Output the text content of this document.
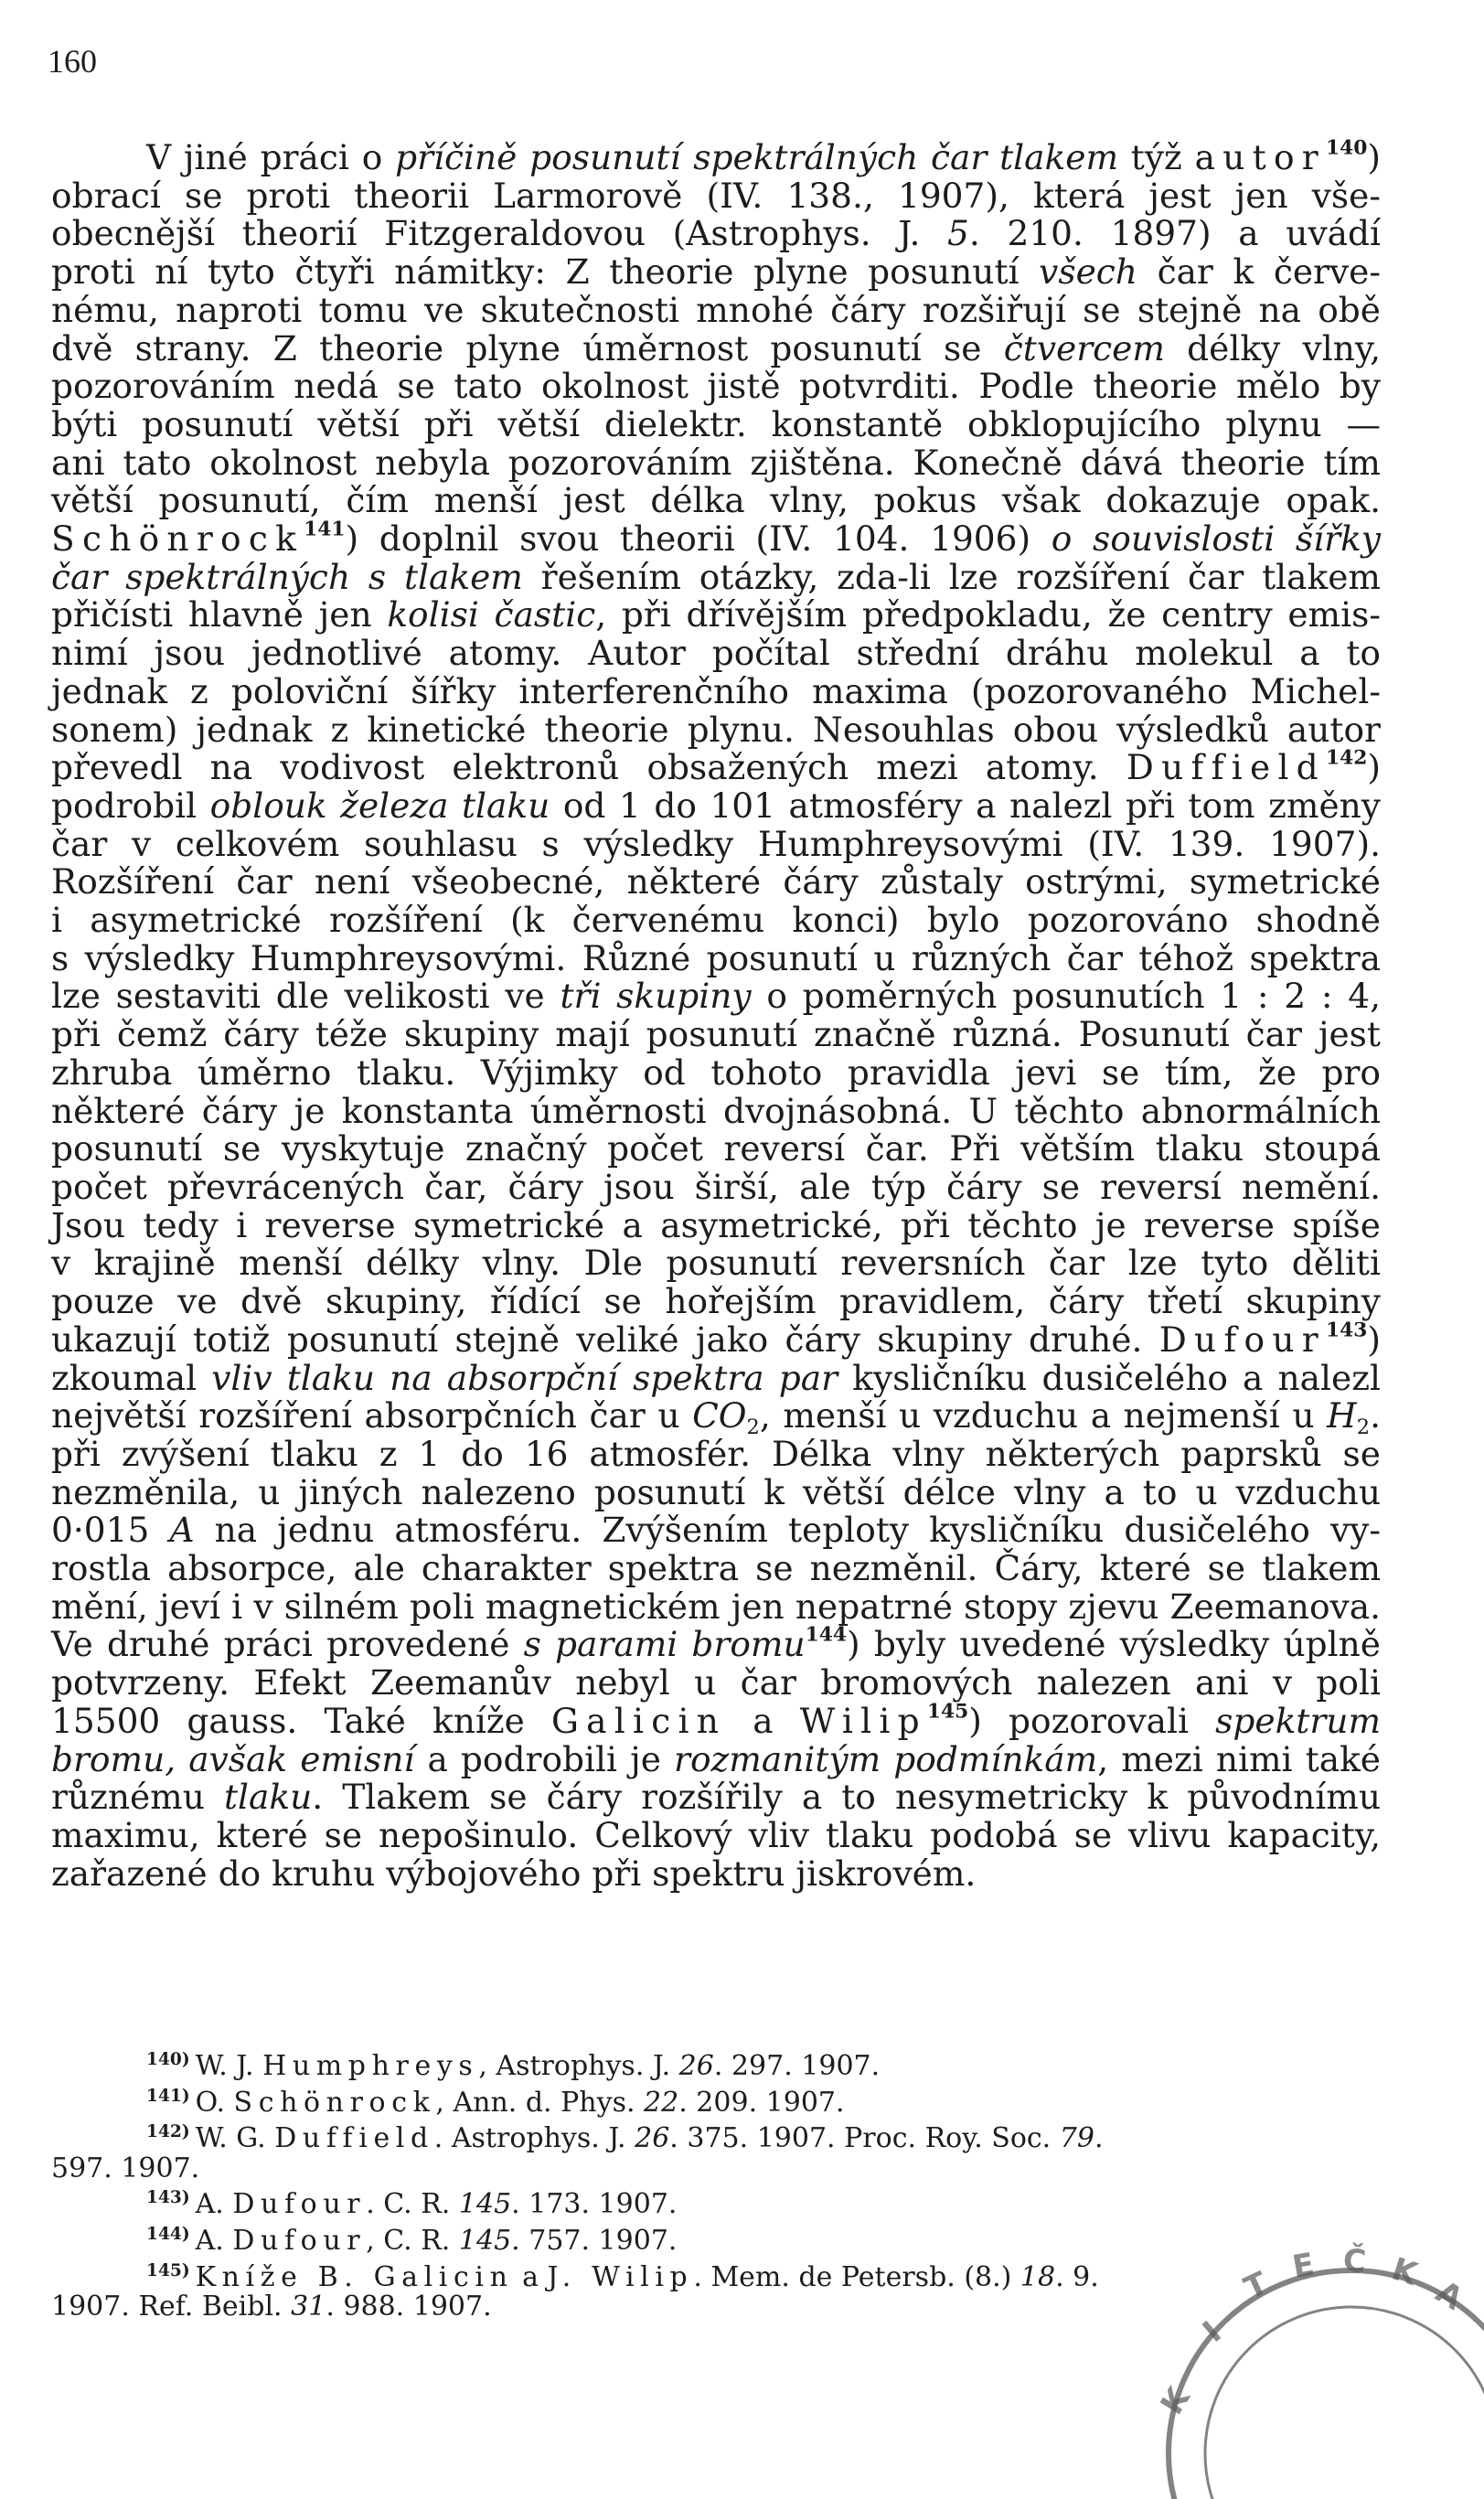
160
V jiné práci o příčině posunutí spektrálných čar tlakem týž autor$^{140}$)
obrací se proti theorii Larmorově (IV. 138., 1907), která jest jen vše-
obecnější theorií Fitzgeraldovou (Astrophys. J. 5. 210. 1897) a uvádí
proti ní tyto čtyři námitky: Z theorie plyne posunutí všech čar k červe-
nému, naproti tomu ve skutečnosti mnohé čáry rozšiřují se stejně na obě
dvě strany. Z theorie plyne úměrnost posunutí se čtvercem délky vlny,
pozorováním nedá se tato okolnost jistě potvrditi. Podle theorie mělo by
býti posunutí větší při větší dielektr. konstantě obklopujícího plynu —
ani tato okolnost nebyla pozorováním zjištěna. Konečně dává theorie tím
větší posunutí, čím menší jest délka vlny, pokus však dokazuje opak.
Schönrock$^{141}$) doplnil svou theorii (IV. 104. 1906) o souvislosti šířky
čar spektrálných s tlakem řešením otázky, zda-li lze rozšíření čar tlakem
přičísti hlavně jen kolisi častic, při dřívějším předpokladu, že centry emis-
nimí jsou jednotlivé atomy. Autor počítal střední dráhu molekul a to
jednak z poloviční šířky interferenčního maxima (pozorovaného Michel-
sonem) jednak z kinetické theorie plynu. Nesouhlas obou výsledků autor
převedl na vodivost elektronů obsažených mezi atomy. Duffield$^{142}$)
podrobil oblouk železa tlaku od 1 do 101 atmosféry a nalezl při tom změny
čar v celkovém souhlasu s výsledky Humphreysovými (IV. 139. 1907).
Rozšíření čar není všeobecné, některé čáry zůstaly ostrými, symetrické
i asymetrické rozšíření (k červenému konci) bylo pozorováno shodně
s výsledky Humphreysovými. Různé posunutí u různých čar téhož spektra
lze sestaviti dle velikosti ve tři skupiny o poměrných posunutích 1 : 2 : 4,
při čemž čáry téže skupiny mají posunutí značně různá. Posunutí čar jest
zhruba úměrno tlaku. Výjimky od tohoto pravidla jevi se tím, že pro
některé čáry je konstanta úměrnosti dvojnásobná. U těchto abnormálních
posunutí se vyskytuje značný počet reversí čar. Při větším tlaku stoupá
počet převrácených čar, čáry jsou širší, ale týp čáry se reversí nemění.
Jsou tedy i reverse symetrické a asymetrické, při těchto je reverse spíše
v krajině menší délky vlny. Dle posunutí reversních čar lze tyto děliti
pouze ve dvě skupiny, řídící se hořejším pravidlem, čáry třetí skupiny
ukazují totiž posunutí stejně veliké jako čáry skupiny druhé. Dufour$^{143}$)
zkoumal vliv tlaku na absorpční spektra par kysličníku dusičelého a nalezl
největší rozšíření absorpčních čar u $CO_2$, menší u vzduchu a nejmenší u $H_2$.
při zvýšení tlaku z 1 do 16 atmosfér. Délka vlny některých paprsků se
nezměnila, u jiných nalezeno posunutí k větší délce vlny a to u vzduchu
0·015 A na jednu atmosféru. Zvýšením teploty kysličníku dusičelého vy-
rostla absorpce, ale charakter spektra se nezměnil. Čáry, které se tlakem
mění, jeví i v silném poli magnetickém jen nepatrné stopy zjevu Zeemanova.
Ve druhé práci provedené s parami bromu$^{144}$) byly uvedené výsledky úplně
potvrzeny. Efekt Zeemanův nebyl u čar bromových nalezen ani v poli
15500 gauss. Také kníže Galicin a Wilip$^{145}$) pozorovali spektrum
bromu, avšak emisní a podrobili je rozmanitým podmínkám, mezi nimi také
různému tlaku. Tlakem se čáry rozšířily a to nesymetricky k původnímu
maximu, které se nepošinulo. Celkový vliv tlaku podobá se vlivu kapacity,
zařazené do kruhu výbojového při spektru jiskrovém.
$^{140)}$ W. J. Humphreys, Astrophys. J. 26. 297. 1907.
$^{141)}$ O. Schönrock, Ann. d. Phys. 22. 209. 1907.
$^{142)}$ W. G. Duffield. Astrophys. J. 26. 375. 1907. Proc. Roy. Soc. 79.
597. 1907.
$^{143)}$ A. Dufour. C. R. 145. 173. 1907.
$^{144)}$ A. Dufour, C. R. 145. 757. 1907.
$^{145)}$ Kníže B. Galicin a J. Wilip. Mem. de Petersb. (8.) 18. 9.
1907. Ref. Beibl. 31. 988. 1907.
K
I
T E Č K
A
